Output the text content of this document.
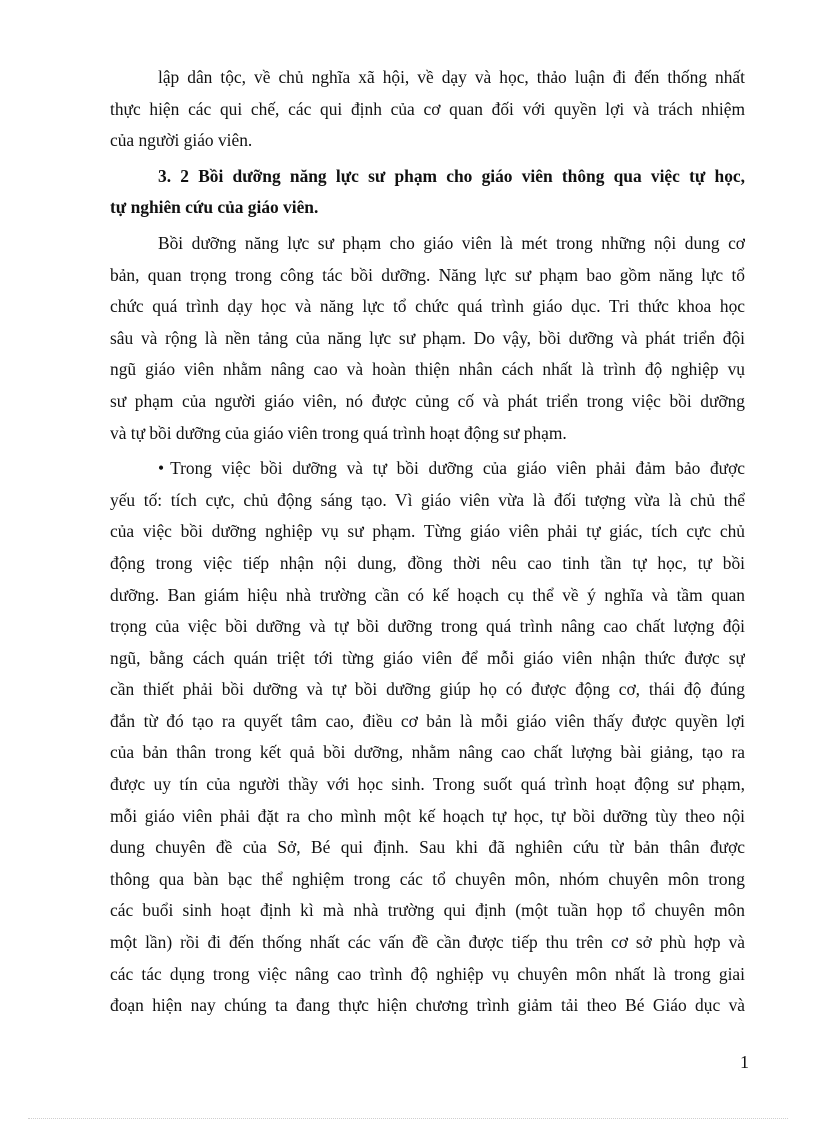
lập dân tộc, về chủ nghĩa xã hội, về dạy và học, thảo luận đi đến thống nhất
thực hiện các qui chế, các qui định của cơ quan đối với quyền lợi và trách nhiệm
của người giáo viên.
3. 2 Bồi dưỡng năng lực sư phạm cho giáo viên thông qua việc tự học,
tự nghiên cứu của giáo viên.
Bồi dưỡng năng lực sư phạm cho giáo viên là mét trong những nội dung cơ
bản, quan trọng trong công tác bồi dưỡng. Năng lực sư phạm bao gồm năng lực tổ
chức quá trình dạy học và năng lực tổ chức quá trình giáo dục. Tri thức khoa học
sâu và rộng là nền tảng của năng lực sư phạm. Do vậy, bồi dưỡng và phát triển đội
ngũ giáo viên nhằm nâng cao và hoàn thiện nhân cách nhất là trình độ nghiệp vụ
sư phạm của người giáo viên, nó được củng cố và phát triển trong việc bồi dưỡng
và tự bồi dưỡng của giáo viên trong quá trình hoạt động sư phạm.
• Trong việc bồi dưỡng và tự bồi dưỡng của giáo viên phải đảm bảo được
yếu tố: tích cực, chủ động sáng tạo. Vì giáo viên vừa là đối tượng vừa là chủ thể
của việc bồi dưỡng nghiệp vụ sư phạm. Từng giáo viên phải tự giác, tích cực chủ
động trong việc tiếp nhận nội dung, đồng thời nêu cao tinh tần tự học, tự bồi
dưỡng. Ban giám hiệu nhà trường cần có kế hoạch cụ thể về ý nghĩa và tầm quan
trọng của việc bồi dưỡng và tự bồi dưỡng trong quá trình nâng cao chất lượng đội
ngũ, bằng cách quán triệt tới từng giáo viên để mỗi giáo viên nhận thức được sự
cần thiết phải bồi dưỡng và tự bồi dưỡng giúp họ có được động cơ, thái độ đúng
đắn từ đó tạo ra quyết tâm cao, điều cơ bản là mỗi giáo viên thấy được quyền lợi
của bản thân trong kết quả bồi dưỡng, nhằm nâng cao chất lượng bài giảng, tạo ra
được uy tín của người thầy với học sinh. Trong suốt quá trình hoạt động sư phạm,
mỗi giáo viên phải đặt ra cho mình một kế hoạch tự học, tự bồi dưỡng tùy theo nội
dung chuyên đề của Sở, Bé qui định. Sau khi đã nghiên cứu từ bản thân được
thông qua bàn bạc thể nghiệm trong các tổ chuyên môn, nhóm chuyên môn trong
các buổi sinh hoạt định kì mà nhà trường qui định (một tuần họp tổ chuyên môn
một lần) rồi đi đến thống nhất các vấn đề cần được tiếp thu trên cơ sở phù hợp và
các tác dụng trong việc nâng cao trình độ nghiệp vụ chuyên môn nhất là trong giai
đoạn hiện nay chúng ta đang thực hiện chương trình giảm tải theo Bé Giáo dục và
1
